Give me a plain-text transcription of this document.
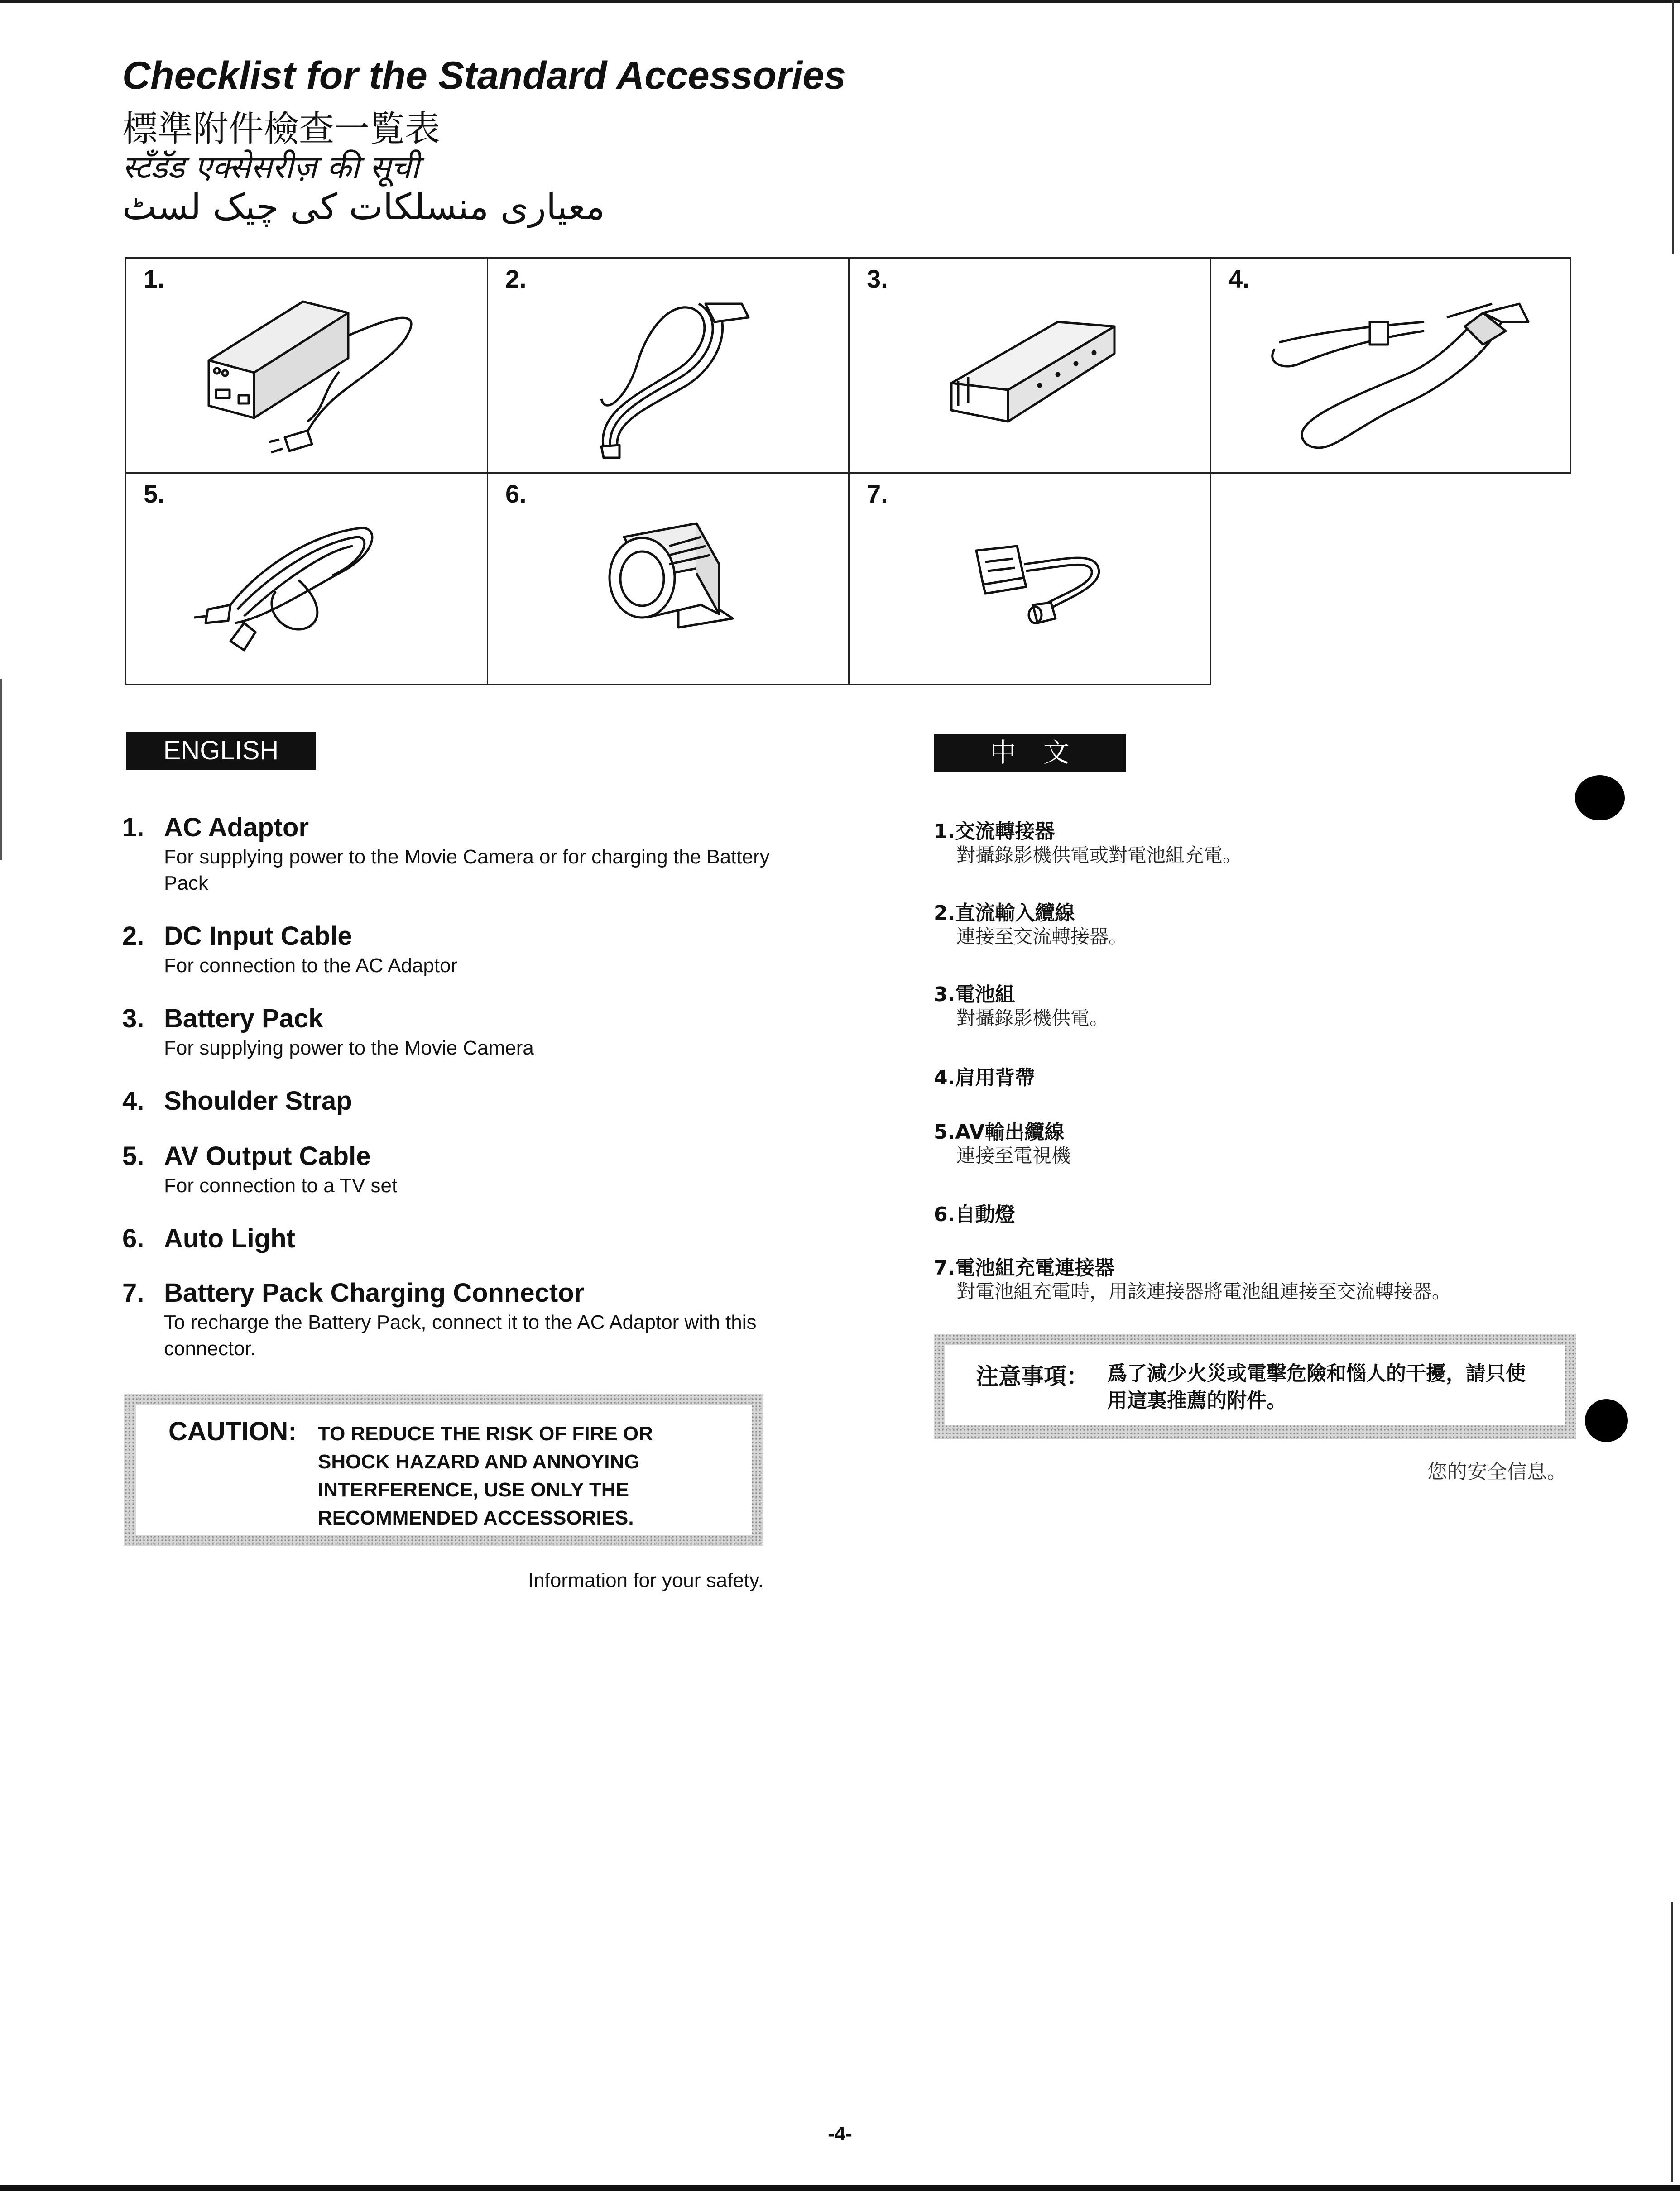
Checklist for the Standard Accessories
標準附件檢查一覧表
स्टॅंडॅड एक्सेसरीज़ की सूची
معیاری منسلکات کی چیک لسٹ
1.	2.	3.	4.
5.	6.	7.
ENGLISH	中文
1. AC Adaptor
For supplying power to the Movie Camera or for charging the Battery Pack
2. DC Input Cable
For connection to the AC Adaptor
3. Battery Pack
For supplying power to the Movie Camera
4. Shoulder Strap
5. AV Output Cable
For connection to a TV set
6. Auto Light
7. Battery Pack Charging Connector
To recharge the Battery Pack, connect it to the AC Adaptor with this connector.
CAUTION: TO REDUCE THE RISK OF FIRE OR SHOCK HAZARD AND ANNOYING INTERFERENCE, USE ONLY THE RECOMMENDED ACCESSORIES.
Information for your safety.
1.交流轉接器
對攝錄影機供電或對電池組充電。
2.直流輸入纜線
連接至交流轉接器。
3.電池組
對攝錄影機供電。
4.肩用背帶
5.AV輸出纜線
連接至電視機
6.自動燈
7.電池組充電連接器
對電池組充電時，用該連接器將電池組連接至交流轉接器。
注意事項： 爲了減少火災或電擊危險和惱人的干擾，請只使用這裏推薦的附件。
您的安全信息。
-4-
